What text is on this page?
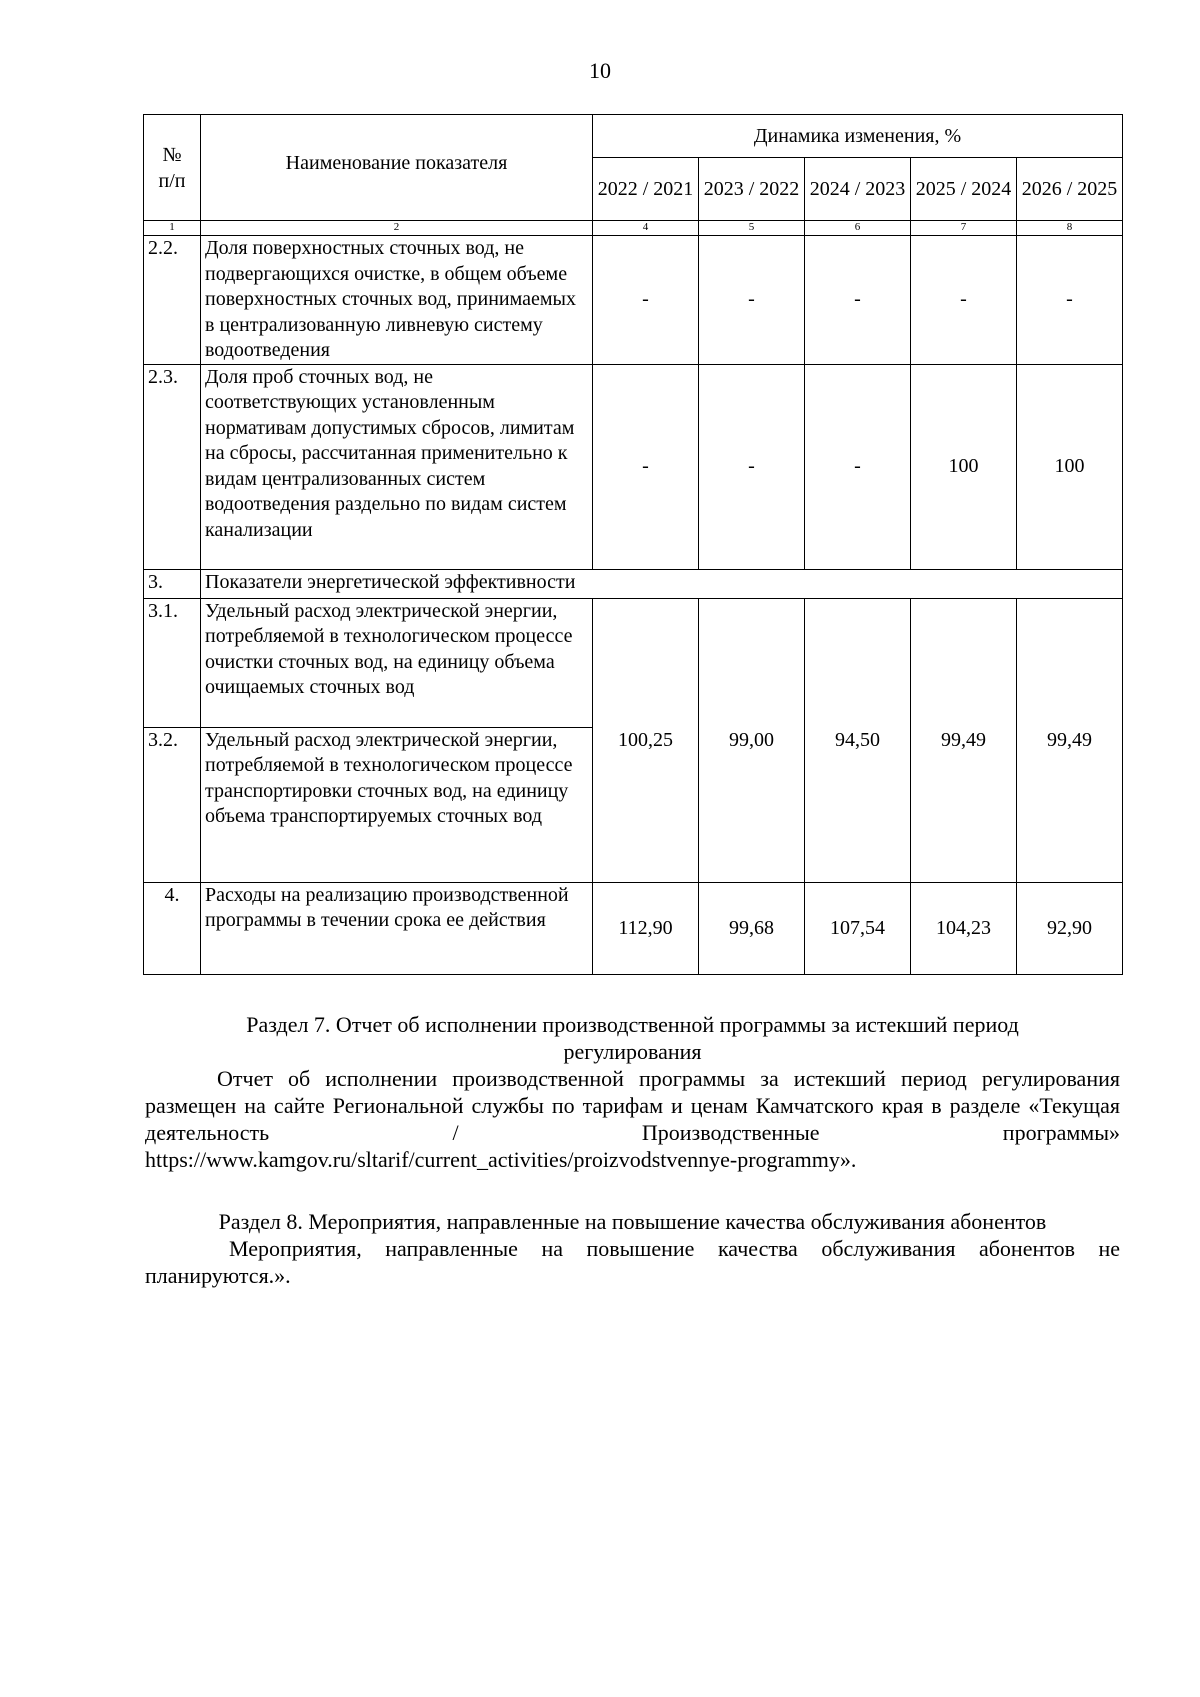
10
№
п/п	Наименование показателя	Динамика изменения, %				
		2022 / 2021	2023 / 2022	2024 / 2023	2025 / 2024	2026 / 2025
1	2	4	5	6	7	8
2.2.	Доля поверхностных сточных вод, не подвергающихся очистке, в общем объеме поверхностных сточных вод, принимаемых в централизованную ливневую систему водоотведения	-	-	-	-	-
2.3.	Доля проб сточных вод, не соответствующих установленным нормативам допустимых сбросов, лимитам на сбросы, рассчитанная применительно к видам централизованных систем водоотведения раздельно по видам систем канализации	-	-	-	100	100
3.	Показатели энергетической эффективности					
3.1.	Удельный расход электрической энергии, потребляемой в технологическом процессе очистки сточных вод, на единицу объема очищаемых сточных вод	100,25	99,00	94,50	99,49	99,49
3.2.	Удельный расход электрической энергии, потребляемой в технологическом процессе транспортировки сточных вод, на единицу объема транспортируемых сточных вод					
4.	Расходы на реализацию производственной программы в течении срока ее действия	112,90	99,68	107,54	104,23	92,90
Раздел 7. Отчет об исполнении производственной программы за истекший период регулирования
Отчет об исполнении производственной программы за истекший период регулирования размещен на сайте Региональной службы по тарифам и ценам Камчатского края в разделе «Текущая деятельность / Производственные программы» https://www.kamgov.ru/sltarif/current_activities/proizvodstvennye-programmy».
Раздел 8. Мероприятия, направленные на повышение качества обслуживания абонентов
Мероприятия, направленные на повышение качества обслуживания абонентов не планируются.».
